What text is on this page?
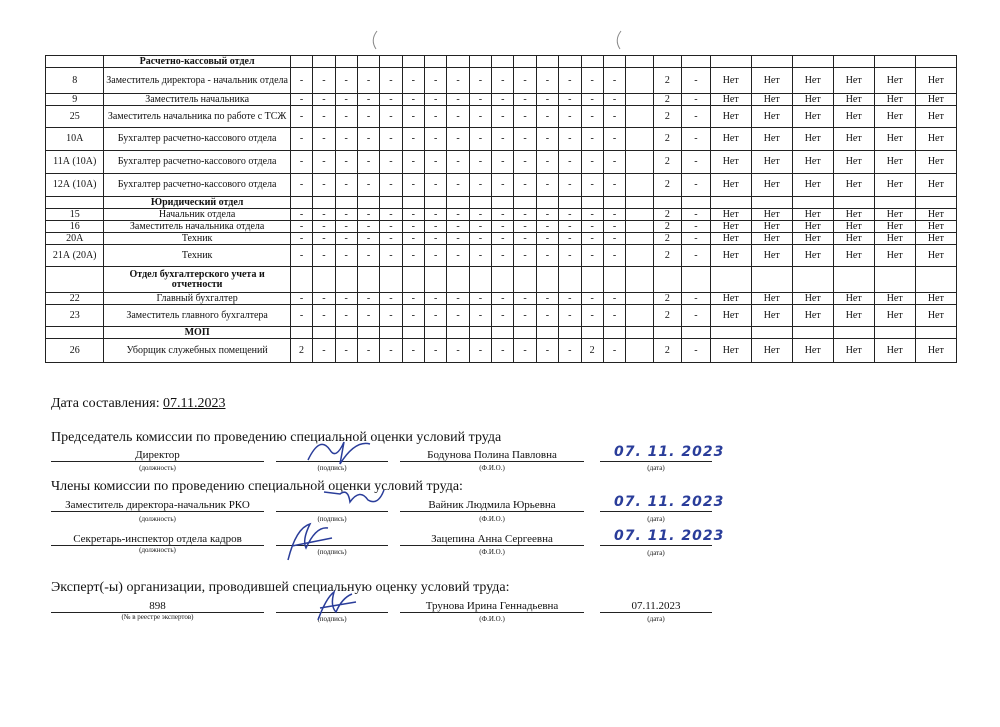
	Расчетно-кассовый отдел																								
8	Заместитель директора - начальник отдела	-	-	-	-	-	-	-	-	-	-	-	-	-	-	-		2	-	Нет	Нет	Нет	Нет	Нет	Нет
9	Заместитель начальника	-	-	-	-	-	-	-	-	-	-	-	-	-	-	-		2	-	Нет	Нет	Нет	Нет	Нет	Нет
25	Заместитель начальника по работе с ТСЖ	-	-	-	-	-	-	-	-	-	-	-	-	-	-	-		2	-	Нет	Нет	Нет	Нет	Нет	Нет
10А	Бухгалтер расчетно-кассового отдела	-	-	-	-	-	-	-	-	-	-	-	-	-	-	-		2	-	Нет	Нет	Нет	Нет	Нет	Нет
11А (10А)	Бухгалтер расчетно-кассового отдела	-	-	-	-	-	-	-	-	-	-	-	-	-	-	-		2	-	Нет	Нет	Нет	Нет	Нет	Нет
12А (10А)	Бухгалтер расчетно-кассового отдела	-	-	-	-	-	-	-	-	-	-	-	-	-	-	-		2	-	Нет	Нет	Нет	Нет	Нет	Нет
	Юридический отдел																								
15	Начальник отдела	-	-	-	-	-	-	-	-	-	-	-	-	-	-	-		2	-	Нет	Нет	Нет	Нет	Нет	Нет
16	Заместитель начальника отдела	-	-	-	-	-	-	-	-	-	-	-	-	-	-	-		2	-	Нет	Нет	Нет	Нет	Нет	Нет
20А	Техник	-	-	-	-	-	-	-	-	-	-	-	-	-	-	-		2	-	Нет	Нет	Нет	Нет	Нет	Нет
21А (20А)	Техник	-	-	-	-	-	-	-	-	-	-	-	-	-	-	-		2	-	Нет	Нет	Нет	Нет	Нет	Нет
	Отдел бухгалтерского учета и отчетности																								
22	Главный бухгалтер	-	-	-	-	-	-	-	-	-	-	-	-	-	-	-		2	-	Нет	Нет	Нет	Нет	Нет	Нет
23	Заместитель главного бухгалтера	-	-	-	-	-	-	-	-	-	-	-	-	-	-	-		2	-	Нет	Нет	Нет	Нет	Нет	Нет
	МОП																								
26	Уборщик служебных помещений	2	-	-	-	-	-	-	-	-	-	-	-	-	2	-		2	-	Нет	Нет	Нет	Нет	Нет	Нет
Дата составления: 07.11.2023
Председатель комиссии по проведению специальной оценки условий труда
Директор
(должность)	(подпись)
Бодунова Полина Павловна
(Ф.И.О.)
07. 11. 2023
(дата)
Члены комиссии по проведению специальной оценки условий труда:
Заместитель директора-начальник РКО
(должность)	(подпись)
Вайник Людмила Юрьевна
(Ф.И.О.)
07. 11. 2023
(дата)
Секретарь-инспектор отдела кадров
(должность)	(подпись)
Зацепина Анна Сергеевна
(Ф.И.О.)
07. 11. 2023
(дата)
Эксперт(-ы) организации, проводившей специальную оценку условий труда:
898
(№ в реестре экспертов)	(подпись)
Трунова Ирина Геннадьевна
(Ф.И.О.)
07.11.2023
(дата)
